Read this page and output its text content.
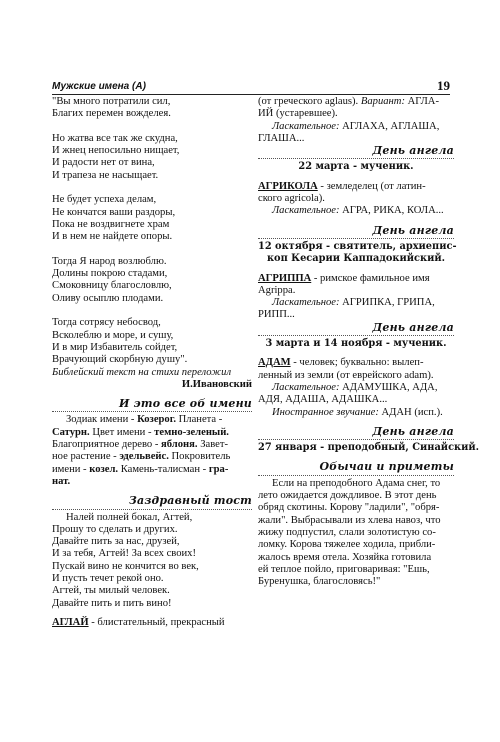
Мужские имена (А)	19
"Вы много потратили сил,
Благих перемен вожделея.
Но жатва все так же скудна,
И жнец непосильно нищает,
И радости нет от вина,
И трапеза не насыщает.
Не будет успеха делам,
Не кончатся ваши раздоры,
Пока не воздвигнете храм
И в нем не найдете опоры.
Тогда Я народ возлюблю.
Долины покрою стадами,
Смоковницу благословлю,
Оливу осыплю плодами.
Тогда сотрясу небосвод,
Всколеблю и море, и сушу,
И в мир Избавитель сойдет,
Врачующий скорбную душу".
Библейский текст на стихи переложил
И.Ивановский
И это все об имени
Зодиак имени - Козерог. Планета -
Сатурн. Цвет имени - темно-зеленый.
Благоприятное дерево - яблоня. Завет-
ное растение - эдельвейс. Покровитель
имени - козел. Камень-талисман - гра-
нат.
Заздравный тост
Налей полней бокал, Агтей,
Прошу то сделать и других.
Давайте пить за нас, друзей,
И за тебя, Агтей! За всех своих!
Пускай вино не кончится во век,
И пусть течет рекой оно.
Агтей, ты милый человек.
Давайте пить и пить вино!
АГЛАЙ - блистательный, прекрасный
(от греческого aglaus). Вариант: АГЛА-
ИЙ (устаревшее).
Ласкательное: АГЛАХА, АГЛАША,
ГЛАША...
День ангела
22 марта - мученик.
АГРИКОЛА - земледелец (от латин-
ского agricola).
Ласкательное: АГРА, РИКА, КОЛА...
День ангела
12 октября - святитель, архиепис-
коп Кесарии Каппадокийский.
АГРИППА - римское фамильное имя
Agrippa.
Ласкательное: АГРИПКА, ГРИПА,
РИПП...
День ангела
3 марта и 14 ноября - мученик.
АДАМ - человек; буквально: вылеп-
ленный из земли (от еврейского adam).
Ласкательное: АДАМУШКА, АДА,
АДЯ, АДАША, АДАШКА...
Иностранное звучание: АДАН (исп.).
День ангела
27 января - преподобный, Синайский.
Обычаи и приметы
Если на преподобного Адама снег, то
лето ожидается дождливое. В этот день
обряд скотины. Корову "ладили", "обря-
жали". Выбрасывали из хлева навоз, что
жижу подпустил, слали золотистую со-
ломку. Корова тяжелее ходила, прибли-
жалось время отела. Хозяйка готовила
ей теплое пойло, приговаривая: "Ешь,
Буренушка, благословясь!"
